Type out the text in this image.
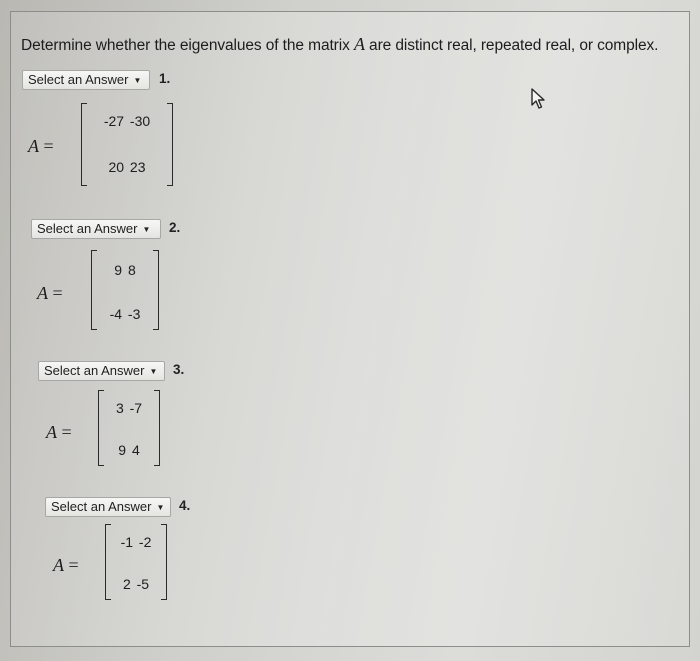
Determine whether the eigenvalues of the matrix A are distinct real, repeated real, or complex.
Select an Answer ▼	1.
A =
-27 -30
20 23
Select an Answer ▼	2.
A =
9 8
-4 -3
Select an Answer ▼	3.
A =
3 -7
9 4
Select an Answer ▼	4.
A =
-1 -2
2 -5
